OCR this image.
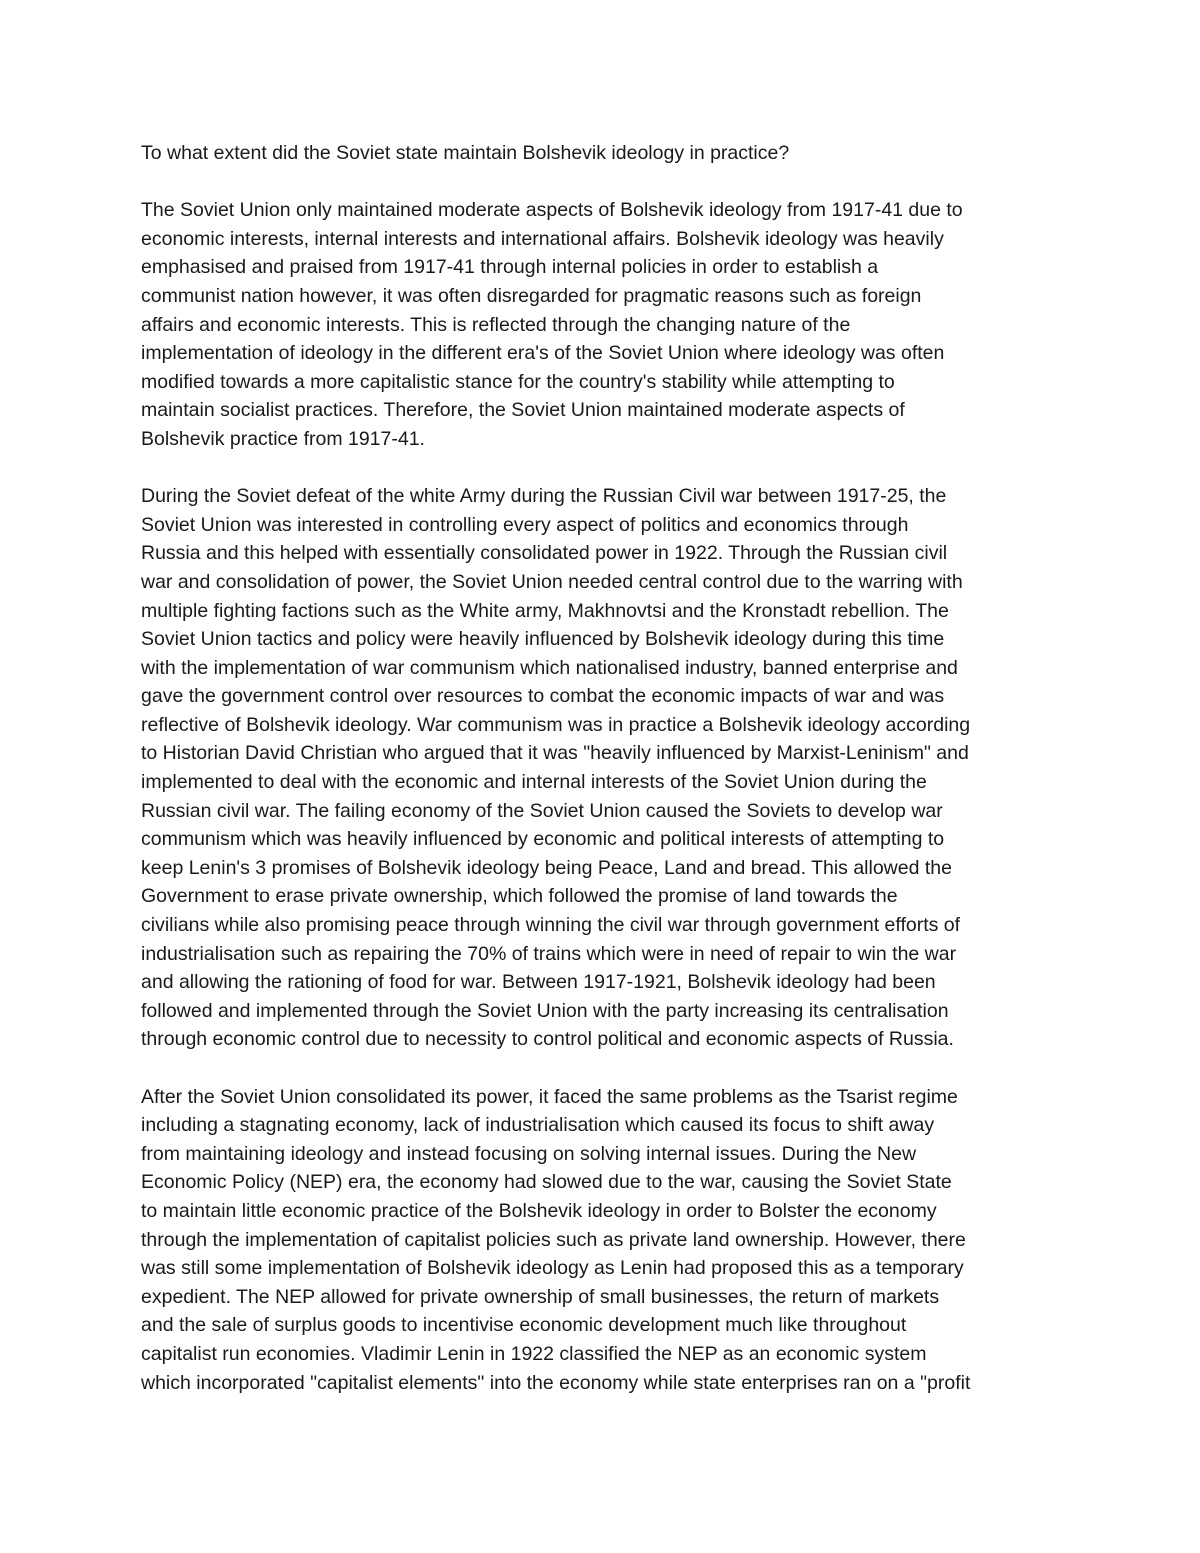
To what extent did the Soviet state maintain Bolshevik ideology in practice?

The Soviet Union only maintained moderate aspects of Bolshevik ideology from 1917-41 due to
economic interests, internal interests and international affairs. Bolshevik ideology was heavily
emphasised and praised from 1917-41 through internal policies in order to establish a
communist nation however, it was often disregarded for pragmatic reasons such as foreign
affairs and economic interests. This is reflected through the changing nature of the
implementation of ideology in the different era's of the Soviet Union where ideology was often
modified towards a more capitalistic stance for the country's stability while attempting to
maintain socialist practices. Therefore, the Soviet Union maintained moderate aspects of
Bolshevik practice from 1917-41.
During the Soviet defeat of the white Army during the Russian Civil war between 1917-25, the
Soviet Union was interested in controlling every aspect of politics and economics through
Russia and this helped with essentially consolidated power in 1922. Through the Russian civil
war and consolidation of power, the Soviet Union needed central control due to the warring with
multiple fighting factions such as the White army, Makhnovtsi and the Kronstadt rebellion. The
Soviet Union tactics and policy were heavily influenced by Bolshevik ideology during this time
with the implementation of war communism which nationalised industry, banned enterprise and
gave the government control over resources to combat the economic impacts of war and was
reflective of Bolshevik ideology. War communism was in practice a Bolshevik ideology according
to Historian David Christian who argued that it was "heavily influenced by Marxist-Leninism" and
implemented to deal with the economic and internal interests of the Soviet Union during the
Russian civil war. The failing economy of the Soviet Union caused the Soviets to develop war
communism which was heavily influenced by economic and political interests of attempting to
keep Lenin's 3 promises of Bolshevik ideology being Peace, Land and bread. This allowed the
Government to erase private ownership, which followed the promise of land towards the
civilians while also promising peace through winning the civil war through government efforts of
industrialisation such as repairing the 70% of trains which were in need of repair to win the war
and allowing the rationing of food for war. Between 1917-1921, Bolshevik ideology had been
followed and implemented through the Soviet Union with the party increasing its centralisation
through economic control due to necessity to control political and economic aspects of Russia.
After the Soviet Union consolidated its power, it faced the same problems as the Tsarist regime
including a stagnating economy, lack of industrialisation which caused its focus to shift away
from maintaining ideology and instead focusing on solving internal issues. During the New
Economic Policy (NEP) era, the economy had slowed due to the war, causing the Soviet State
to maintain little economic practice of the Bolshevik ideology in order to Bolster the economy
through the implementation of capitalist policies such as private land ownership. However, there
was still some implementation of Bolshevik ideology as Lenin had proposed this as a temporary
expedient. The NEP allowed for private ownership of small businesses, the return of markets
and the sale of surplus goods to incentivise economic development much like throughout
capitalist run economies. Vladimir Lenin in 1922 classified the NEP as an economic system
which incorporated "capitalist elements" into the economy while state enterprises ran on a "profit
